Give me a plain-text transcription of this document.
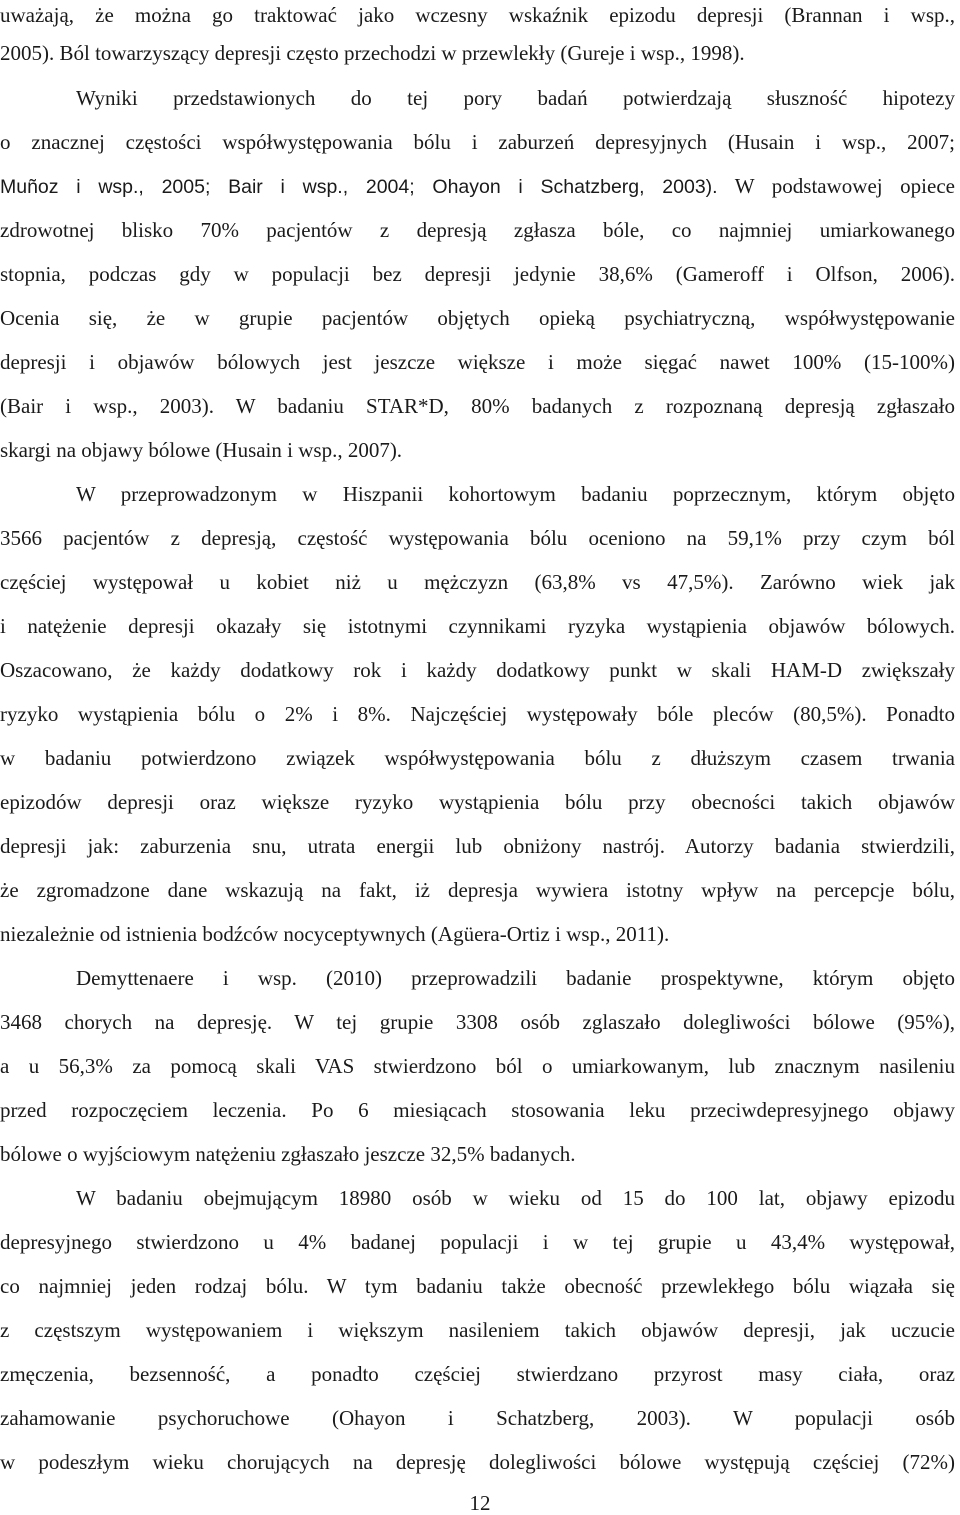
uważają, że można go traktować jako wczesny wskaźnik epizodu depresji (Brannan i wsp.,
2005). Ból towarzyszący depresji często przechodzi w przewlekły (Gureje i wsp., 1998).
Wyniki przedstawionych do tej pory badań potwierdzają słuszność hipotezy
o znacznej częstości współwystępowania bólu i zaburzeń depresyjnych (Husain i wsp., 2007;
Muñoz i wsp., 2005; Bair i wsp., 2004; Ohayon i Schatzberg, 2003). W podstawowej opiece
zdrowotnej blisko 70% pacjentów z depresją zgłasza bóle, co najmniej umiarkowanego
stopnia, podczas gdy w populacji bez depresji jedynie 38,6% (Gameroff i Olfson, 2006).
Ocenia się, że w grupie pacjentów objętych opieką psychiatryczną, współwystępowanie
depresji i objawów bólowych jest jeszcze większe i może sięgać nawet 100% (15-100%)
(Bair i wsp., 2003). W badaniu STAR*D, 80% badanych z rozpoznaną depresją zgłaszało
skargi na objawy bólowe (Husain i wsp., 2007).
W przeprowadzonym w Hiszpanii kohortowym badaniu poprzecznym, którym objęto
3566 pacjentów z depresją, częstość występowania bólu oceniono na 59,1% przy czym ból
częściej występował u kobiet niż u mężczyzn (63,8% vs 47,5%). Zarówno wiek jak
i natężenie depresji okazały się istotnymi czynnikami ryzyka wystąpienia objawów bólowych.
Oszacowano, że każdy dodatkowy rok i każdy dodatkowy punkt w skali HAM-D zwiększały
ryzyko wystąpienia bólu o 2% i 8%. Najczęściej występowały bóle pleców (80,5%). Ponadto
w badaniu potwierdzono związek współwystępowania bólu z dłuższym czasem trwania
epizodów depresji oraz większe ryzyko wystąpienia bólu przy obecności takich objawów
depresji jak: zaburzenia snu, utrata energii lub obniżony nastrój. Autorzy badania stwierdzili,
że zgromadzone dane wskazują na fakt, iż depresja wywiera istotny wpływ na percepcje bólu,
niezależnie od istnienia bodźców nocyceptywnych (Agüera-Ortiz i wsp., 2011).
Demyttenaere i wsp. (2010) przeprowadzili badanie prospektywne, którym objęto
3468 chorych na depresję. W tej grupie 3308 osób zglaszało dolegliwości bólowe (95%),
a u 56,3% za pomocą skali VAS stwierdzono ból o umiarkowanym, lub znacznym nasileniu
przed rozpoczęciem leczenia. Po 6 miesiącach stosowania leku przeciwdepresyjnego objawy
bólowe o wyjściowym natężeniu zgłaszało jeszcze 32,5% badanych.
W badaniu obejmującym 18980 osób w wieku od 15 do 100 lat, objawy epizodu
depresyjnego stwierdzono u 4% badanej populacji i w tej grupie u 43,4% występował,
co najmniej jeden rodzaj bólu. W tym badaniu także obecność przewlekłego bólu wiązała się
z częstszym występowaniem i większym nasileniem takich objawów depresji, jak uczucie
zmęczenia, bezsenność, a ponadto częściej stwierdzano przyrost masy ciała, oraz
zahamowanie psychoruchowe (Ohayon i Schatzberg, 2003). W populacji osób
w podeszłym wieku chorujących na depresję dolegliwości bólowe występują częściej (72%)
12
